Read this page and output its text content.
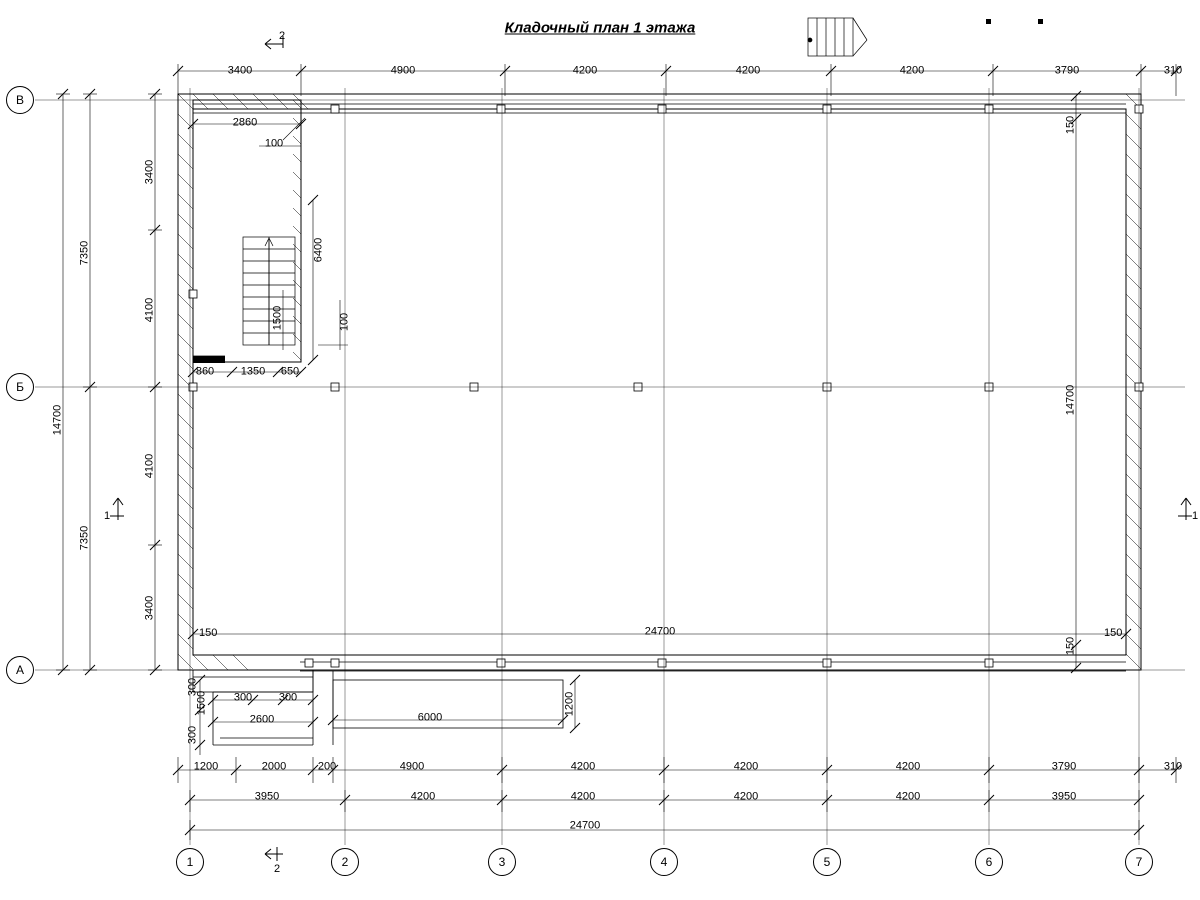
Кладочный план 1 этажа
3400	4900	4200	4200	4200	3790	310
3400
4100
4100
3400
7350
7350
14700
150
14700
150
2860
100
6400
1500	100
860 1350 650
150	24700	150
300 300
2600	6000
1200
1500
300
300
1200	2000	200	4900	4200	4200	4200	3790	310
3950	4200	4200	4200	4200	3950
24700
В
Б
А
1	2	3	4	5	6	7
2
1
2
1
